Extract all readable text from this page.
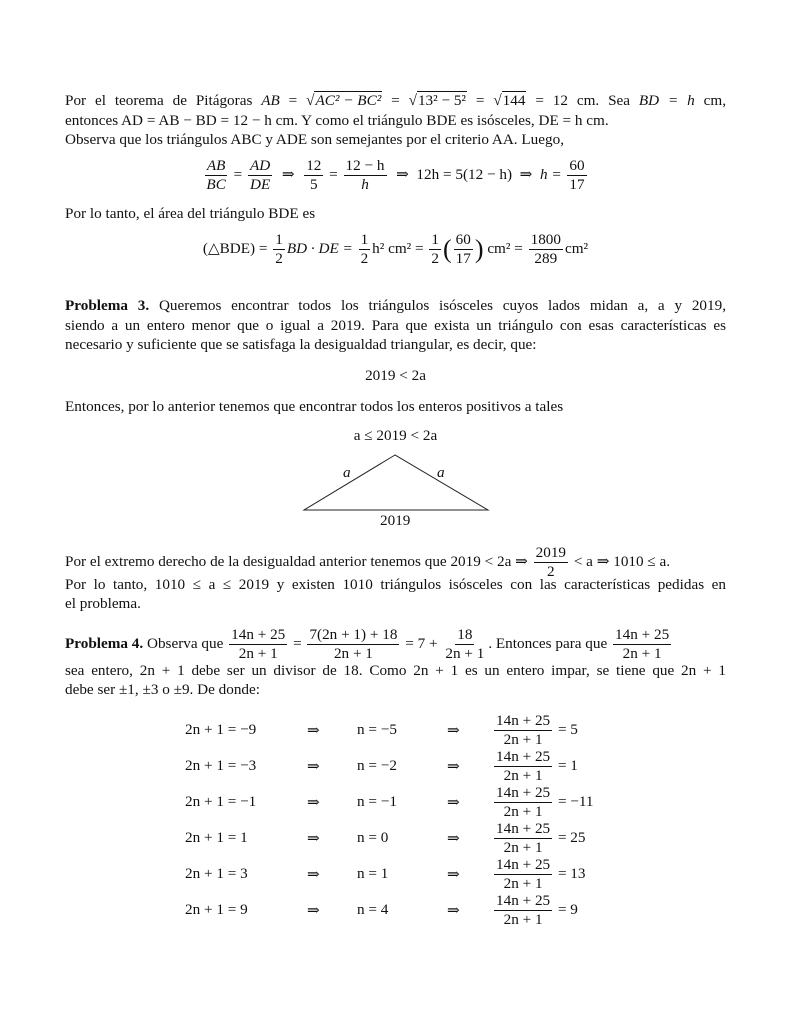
Por el teorema de Pitágoras AB = √AC² − BC² = √13² − 5² = √144 = 12 cm. Sea BD = h cm,
entonces AD = AB − BD = 12 − h cm. Y como el triángulo BDE es isósceles, DE = h cm.
Observa que los triángulos ABC y ADE son semejantes por el criterio AA. Luego,
$\frac{AB}{BC} = \frac{AD}{DE}$ ⇒ $\frac{12}{5} = \frac{12 - h}{h}$ ⇒ 12h = 5(12 − h) ⇒ $h = \frac{60}{17}$
Por lo tanto, el área del triángulo BDE es
(△BDE) = $\frac{1}{2}$ BD · DE = $\frac{1}{2} h^2$ $cm^2 = \frac{1}{2}$ ( $\frac{60}{17}$ ) $cm^2 = \frac{1800}{289} cm^2$
Problema 3. Queremos encontrar todos los triángulos isósceles cuyos lados midan a, a y 2019,
siendo a un entero menor que o igual a 2019. Para que exista un triángulo con esas características es
necesario y suficiente que se satisfaga la desigualdad triangular, es decir, que:
2019 < 2a
Entonces, por lo anterior tenemos que encontrar todos los enteros positivos a tales
a ≤ 2019 < 2a
a	a
2019
Por el extremo derecho de la desigualdad anterior tenemos que 2019 < 2a ⇒ $\frac{2019}{2} < a$ ⇒ 1010 ≤ a.
Por lo tanto, 1010 ≤ a ≤ 2019 y existen 1010 triángulos isósceles con las características pedidas en
el problema.
Problema 4. Observa que $\frac{14n + 25}{2n + 1} = \frac{7(2n + 1) + 18}{2n + 1} = 7 + \frac{18}{2n + 1}$ . Entonces para que $\frac{14n + 25}{2n + 1}$
sea entero, 2n + 1 debe ser un divisor de 18. Como 2n + 1 es un entero impar, se tiene que 2n + 1
debe ser ±1, ±3 o ±9. De donde:
2n + 1 = −9	⇒	n = −5	⇒	$\frac{14n + 25}{2n + 1} = 5$
2n + 1 = −3	⇒	n = −2	⇒	$\frac{14n + 25}{2n + 1} = 1$
2n + 1 = −1	⇒	n = −1	⇒	$\frac{14n + 25}{2n + 1} = -11$
2n + 1 = 1	⇒	n = 0	⇒	$\frac{14n + 25}{2n + 1} = 25$
2n + 1 = 3	⇒	n = 1	⇒	$\frac{14n + 25}{2n + 1} = 13$
2n + 1 = 9	⇒	n = 4	⇒	$\frac{14n + 25}{2n + 1} = 9$
